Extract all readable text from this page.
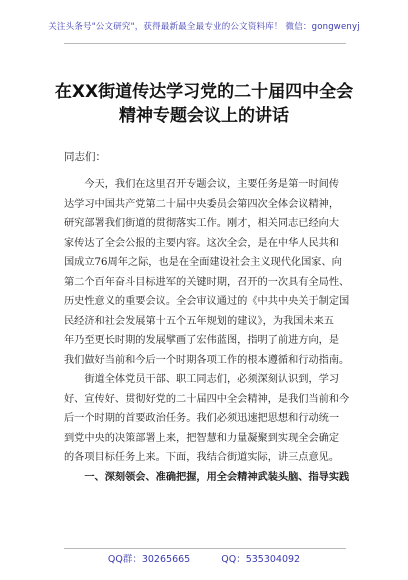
关注头条号"公文研究"，获得最新最全最专业的公文资料库！ 微信：gongwenyj
在XX街道传达学习党的二十届四中全会
精神专题会议上的讲话
同志们：
　　今天，我们在这里召开专题会议，主要任务是第一时间传
达学习中国共产党第二十届中央委员会第四次全体会议精神，
研究部署我们街道的贯彻落实工作。刚才，相关同志已经向大
家传达了全会公报的主要内容。这次全会，是在中华人民共和
国成立76周年之际，也是在全面建设社会主义现代化国家、向
第二个百年奋斗目标进军的关键时期，召开的一次具有全局性、
历史性意义的重要会议。全会审议通过的《中共中央关于制定国
民经济和社会发展第十五个五年规划的建议》，为我国未来五
年乃至更长时期的发展擘画了宏伟蓝图，指明了前进方向，是
我们做好当前和今后一个时期各项工作的根本遵循和行动指南。
　　街道全体党员干部、职工同志们，必须深刻认识到，学习
好、宣传好、贯彻好党的二十届四中全会精神，是我们当前和今
后一个时期的首要政治任务。我们必须迅速把思想和行动统一
到党中央的决策部署上来，把智慧和力量凝聚到实现全会确定
的各项目标任务上来。下面，我结合街道实际，讲三点意见。
　　一、深刻领会、准确把握，用全会精神武装头脑、指导实践
QQ群：30265665	QQ：535304092
